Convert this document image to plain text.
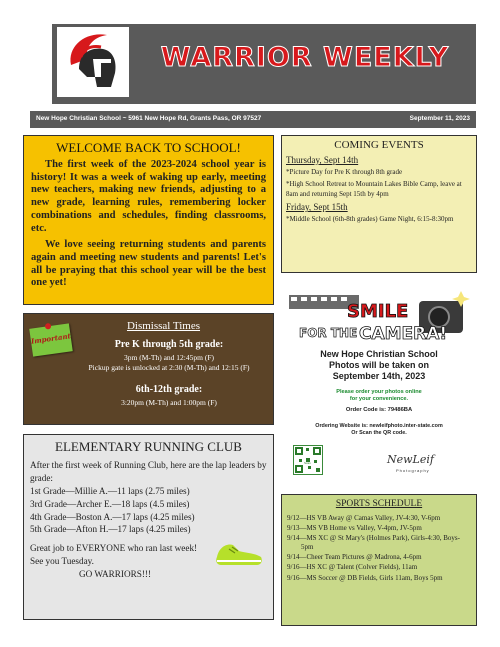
WARRIOR WEEKLY
New Hope Christian School ~ 5961 New Hope Rd, Grants Pass, OR 97527	September 11, 2023
WELCOME BACK TO SCHOOL!

The first week of the 2023-2024 school year is history! It was a week of waking up early, meeting new teachers, making new friends, adjusting to a new grade, learning rules, remembering locker combinations and schedules, finding classrooms, etc.

We love seeing returning students and parents again and meeting new students and parents! Let's all be praying that this school year will be the best one yet!

COMING EVENTS
Thursday, Sept 14th
*Picture Day for Pre K through 8th grade
*High School Retreat to Mountain Lakes Bible Camp, leave at 8am and returning Sept 15th by 4pm
Friday, Sept 15th
*Middle School (6th-8th grades) Game Night, 6:15-8:30pm
Important
Dismissal Times
Pre K through 5th grade:
3pm (M-Th) and 12:45pm (F)
Pickup gate is unlocked at 2:30 (M-Th) and 12:15 (F)
6th-12th grade:
3:20pm (M-Th) and 1:00pm (F)
ELEMENTARY RUNNING CLUB

After the first week of Running Club, here are the lap leaders by grade:

1st Grade—Millie A.—11 laps (2.75 miles)

3rd Grade—Archer E.—18 laps (4.5 miles)

4th Grade—Boston A.—17 laps (4.25 miles)

5th Grade—Afton H.—17 laps (4.25 miles)

Great job to EVERYONE who ran last week! See you Tuesday.

GO WARRIORS!!!

SMILE
FOR THE CAMERA!
New Hope Christian School
Photos will be taken on
September 14th, 2023
Please order your photos online
for your convenience.
Order Code is: 79486BA
Ordering Website is: newleifphoto.inter-state.com
Or Scan the QR code.
Scan	NewLeif
Photography
SPORTS SCHEDULE
9/12—HS VB Away @ Camas Valley, JV-4:30, V-6pm
9/13—MS VB Home vs Valley, V-4pm, JV-5pm
9/14—MS XC @ St Mary's (Holmes Park), Girls-4:30, Boys-5pm
9/14—Cheer Team Pictures @ Madrona, 4-6pm
9/16—HS XC @ Talent (Colver Fields), 11am
9/16—MS Soccer @ DB Fields, Girls 11am, Boys 5pm
